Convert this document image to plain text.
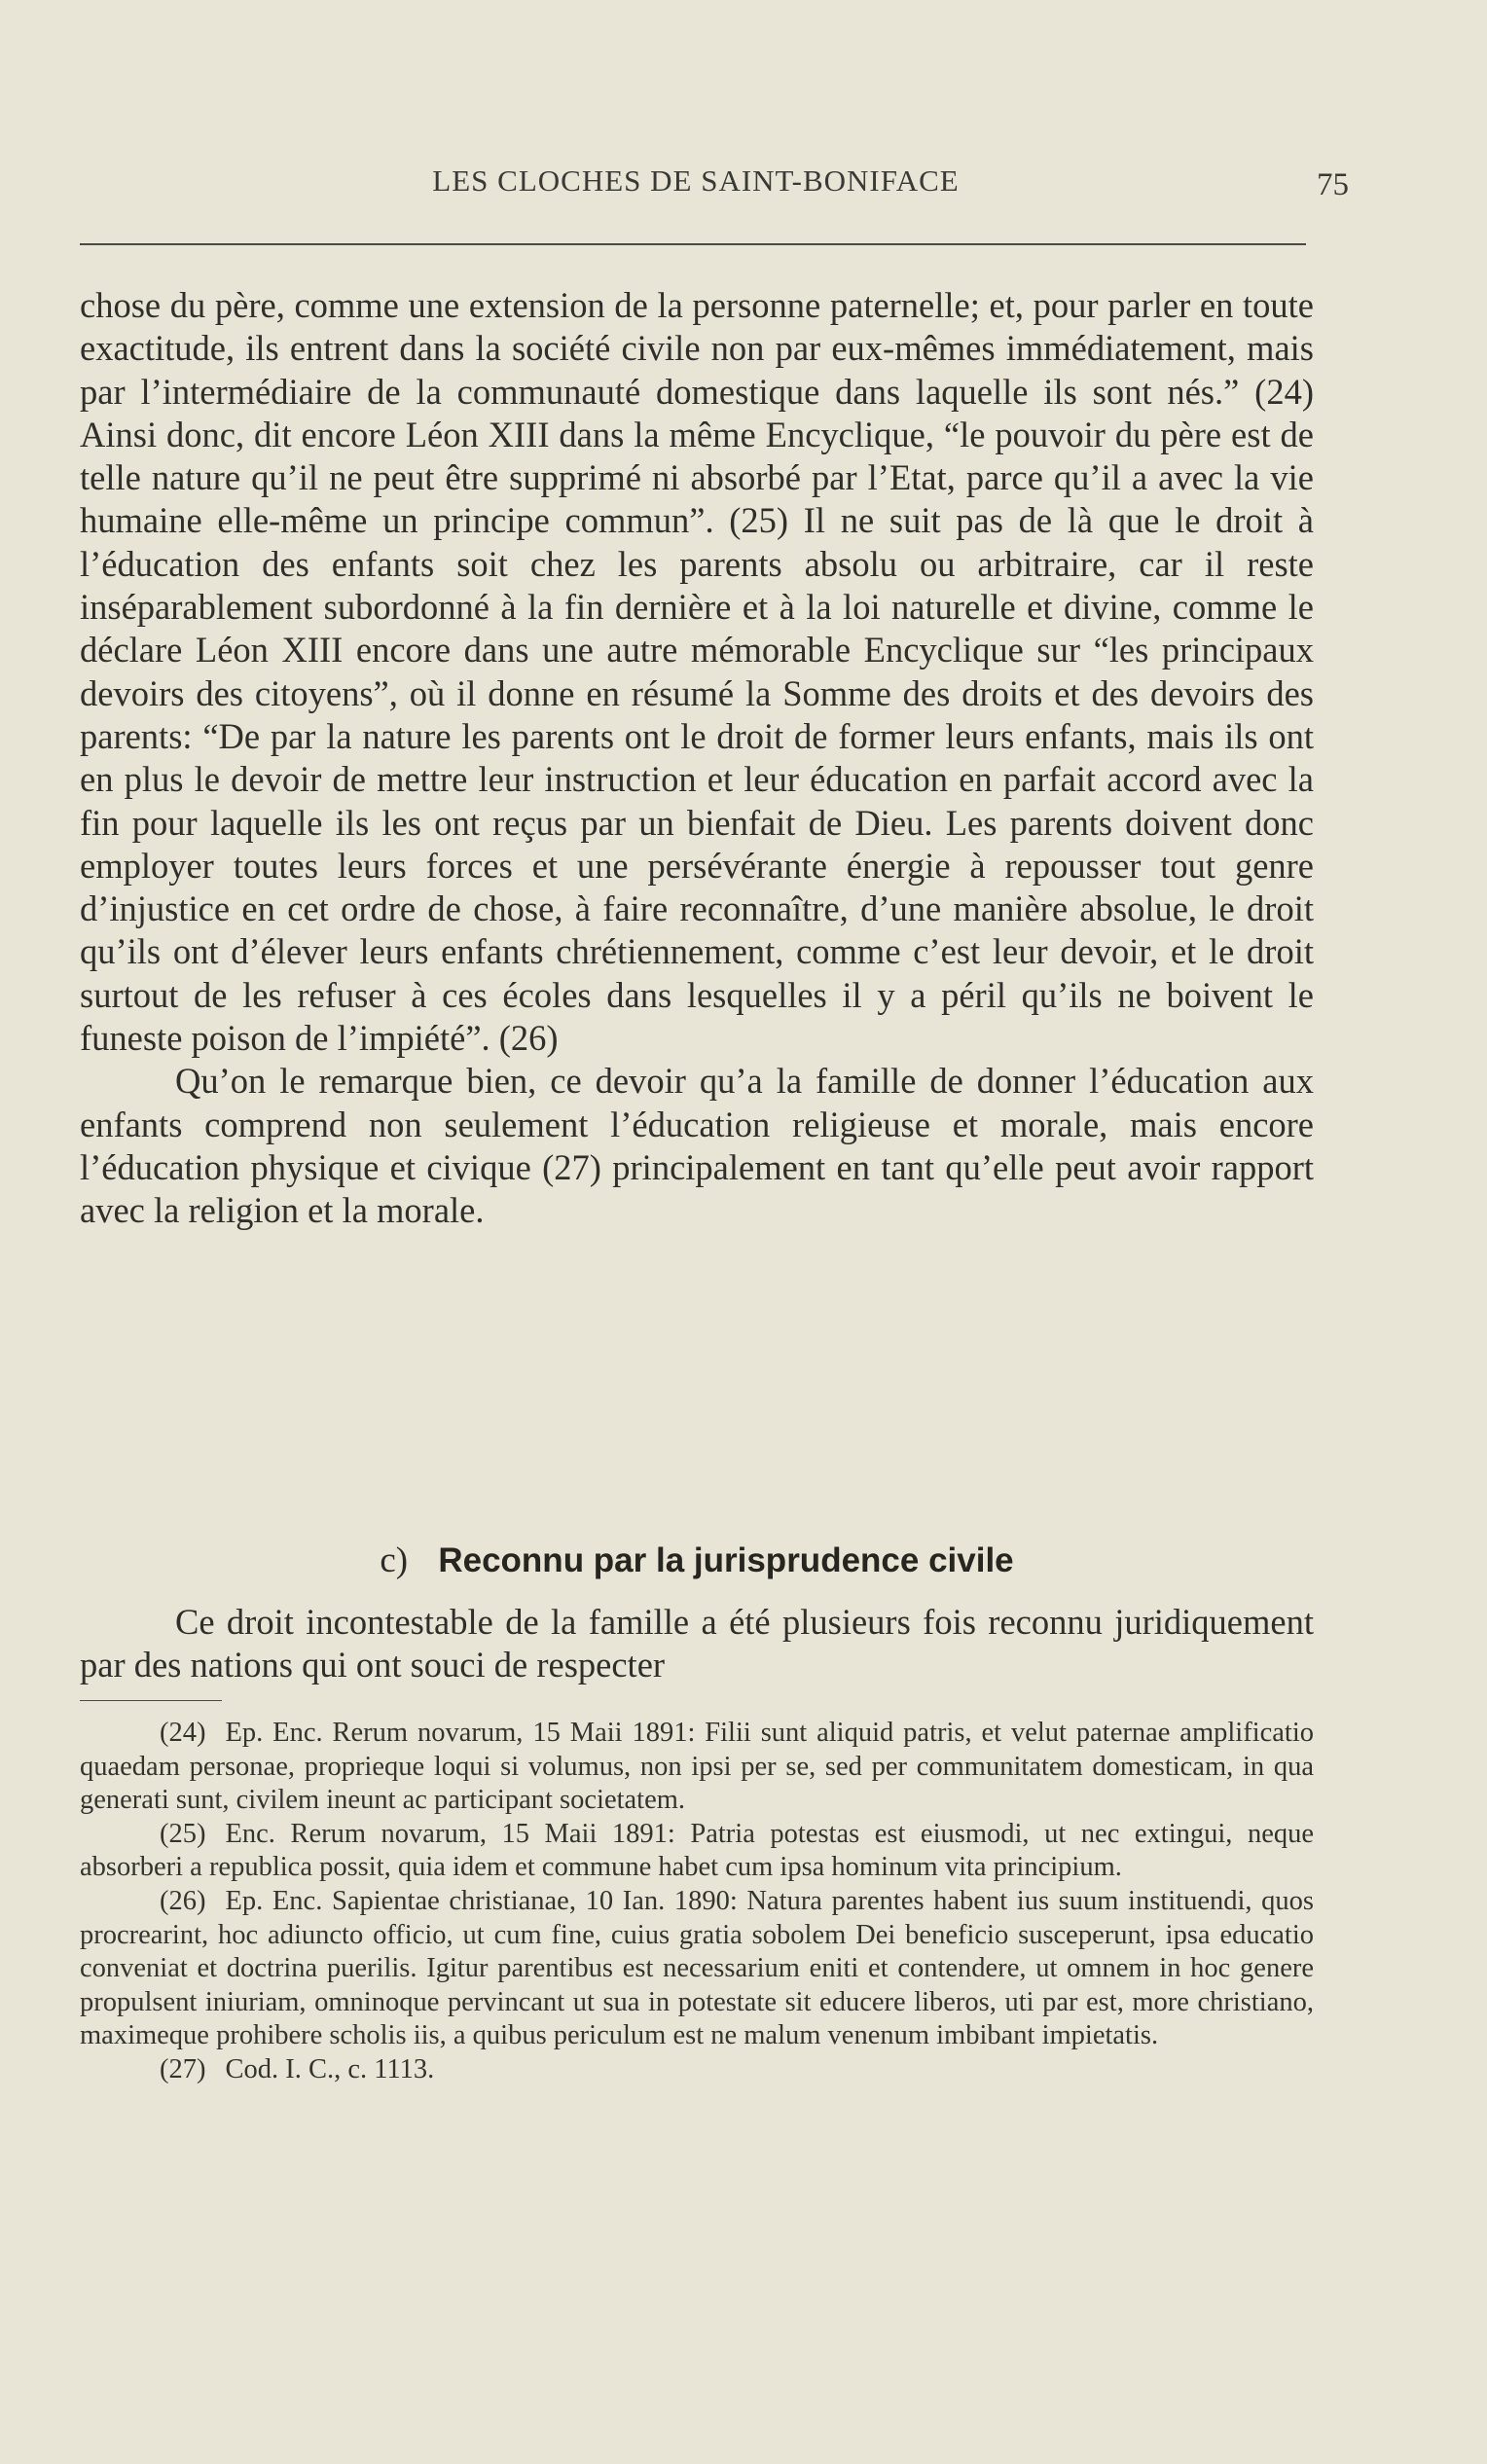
LES CLOCHES DE SAINT-BONIFACE	75

chose du père, comme une extension de la personne paternelle; et, pour parler en toute exactitude, ils entrent dans la société civile non par eux-mêmes immédiatement, mais par l’intermédiaire de la communauté domestique dans laquelle ils sont nés.” (24) Ainsi donc, dit encore Léon XIII dans la même Encyclique, “le pouvoir du père est de telle nature qu’il ne peut être supprimé ni absorbé par l’Etat, parce qu’il a avec la vie humaine elle-même un principe commun”. (25) Il ne suit pas de là que le droit à l’éducation des enfants soit chez les parents absolu ou arbitraire, car il reste inséparablement subordonné à la fin dernière et à la loi naturelle et divine, comme le déclare Léon XIII encore dans une autre mémorable Encyclique sur “les principaux devoirs des citoyens”, où il donne en résumé la Somme des droits et des devoirs des parents: “De par la nature les parents ont le droit de former leurs enfants, mais ils ont en plus le devoir de mettre leur instruction et leur éducation en parfait accord avec la fin pour laquelle ils les ont reçus par un bienfait de Dieu. Les parents doivent donc employer toutes leurs forces et une persévérante énergie à repousser tout genre d’injustice en cet ordre de chose, à faire reconnaître, d’une manière absolue, le droit qu’ils ont d’élever leurs enfants chrétiennement, comme c’est leur devoir, et le droit surtout de les refuser à ces écoles dans lesquelles il y a péril qu’ils ne boivent le funeste poison de l’impiété”. (26)

Qu’on le remarque bien, ce devoir qu’a la famille de donner l’éducation aux enfants comprend non seulement l’éducation religieuse et morale, mais encore l’éducation physique et civique (27) principalement en tant qu’elle peut avoir rapport avec la religion et la morale.

c) Reconnu par la jurisprudence civile

Ce droit incontestable de la famille a été plusieurs fois reconnu juridiquement par des nations qui ont souci de respecter

(24) Ep. Enc. Rerum novarum, 15 Maii 1891: Filii sunt aliquid patris, et velut paternae amplificatio quaedam personae, proprieque loqui si volumus, non ipsi per se, sed per communitatem domesticam, in qua generati sunt, civilem ineunt ac participant societatem.

(25) Enc. Rerum novarum, 15 Maii 1891: Patria potestas est eiusmodi, ut nec extingui, neque absorberi a republica possit, quia idem et commune habet cum ipsa hominum vita principium.

(26) Ep. Enc. Sapientae christianae, 10 Ian. 1890: Natura parentes habent ius suum instituendi, quos procrearint, hoc adiuncto officio, ut cum fine, cuius gratia sobolem Dei beneficio susceperunt, ipsa educatio conveniat et doctrina puerilis. Igitur parentibus est necessarium eniti et contendere, ut omnem in hoc genere propulsent iniuriam, omninoque pervincant ut sua in potestate sit educere liberos, uti par est, more christiano, maximeque prohibere scholis iis, a quibus periculum est ne malum venenum imbibant impietatis.

(27) Cod. I. C., c. 1113.
